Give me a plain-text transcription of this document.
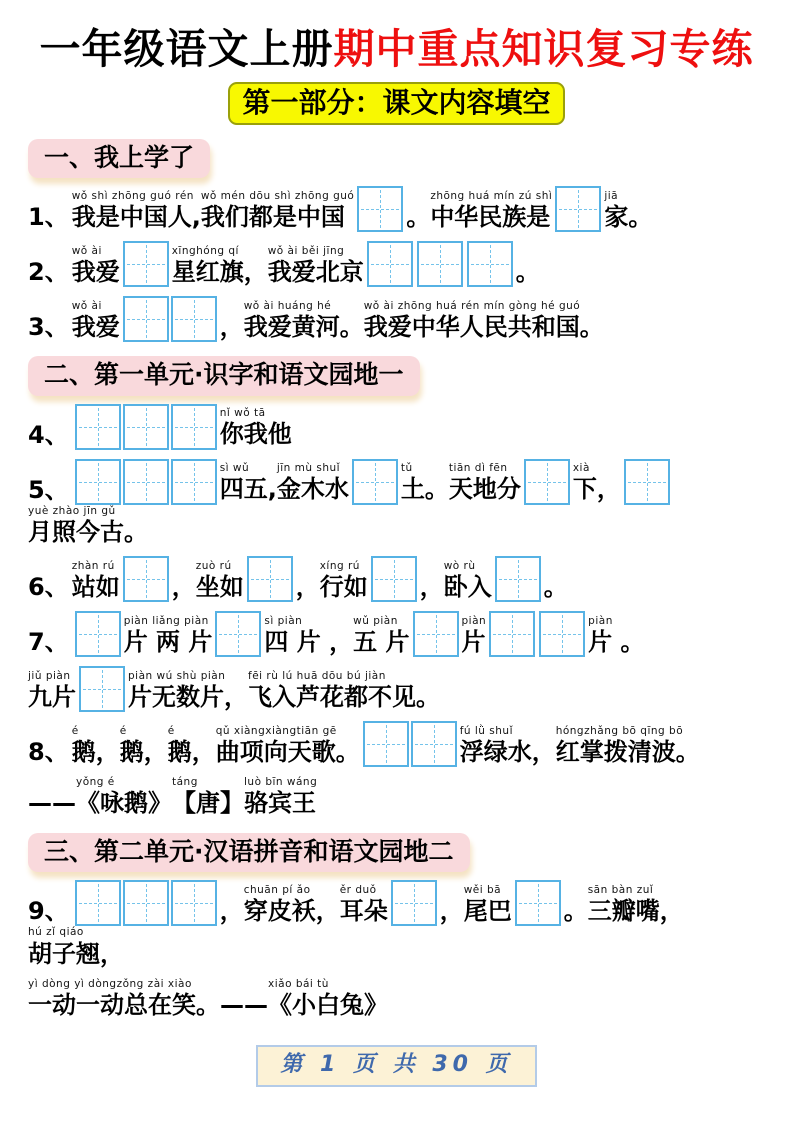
一年级语文上册期中重点知识复习专练
第一部分：课文内容填空
一、我上学了
1、
wǒ shì zhōng guó rén
我是中国人,
wǒ mén dōu shì zhōng guó
我们都是中国	。
zhōng huá mín zú shì
中华民族是
jiā
家 。
2、
wǒ ài
我爱
xīnghóng qí
星红旗，
wǒ ài běi jīng
我爱北京	。
3、
wǒ ài
我爱	，
wǒ ài huáng hé
我爱黄河。
wǒ ài zhōng huá rén mín gòng hé guó
我爱中华人民共和国。
二、第一单元·识字和语文园地一
4、
nǐ wǒ tā
你我他
5、
sì wǔ
四五,
jīn mù shuǐ
金木水
tǔ
土。
tiān dì fēn
天地分
xià
下，
yuè zhào jīn gǔ
月照今古。
6、
zhàn rú
站如 ，
zuò rú
坐如 ，
xíng rú
行如 ，
wò rù
卧入 。
7、
piàn liǎng piàn
片 两 片
sì piàn
四 片 ，
wǔ piàn
五 片
piàn
片
piàn
片 。
jiǔ piàn
九片
piàn wú shù piàn
片无数片，
fēi rù lú huā dōu bú jiàn
飞入芦花都不见。
8、
é
鹅，
é
鹅，
é
鹅，
qǔ xiàngxiàngtiān gē
曲项向天歌。
fú lǜ shuǐ
浮绿水，
hóngzhǎng bō qīng bō
红掌拨清波。
——
yǒng é
《咏鹅》
táng
【唐】
luò bīn wáng
骆宾王
三、第二单元·汉语拼音和语文园地二
9、	，
chuān pí ǎo
穿皮袄，
ěr duǒ
耳朵 ，
wěi bā
尾巴 。
sān bàn zuǐ
三瓣嘴，
hú zǐ qiáo
胡子翘，
yì dòng yì dòngzǒng zài xiào
一动一动总在笑。 ——
xiǎo bái tù
《小白兔》
第 1 页 共 30 页
